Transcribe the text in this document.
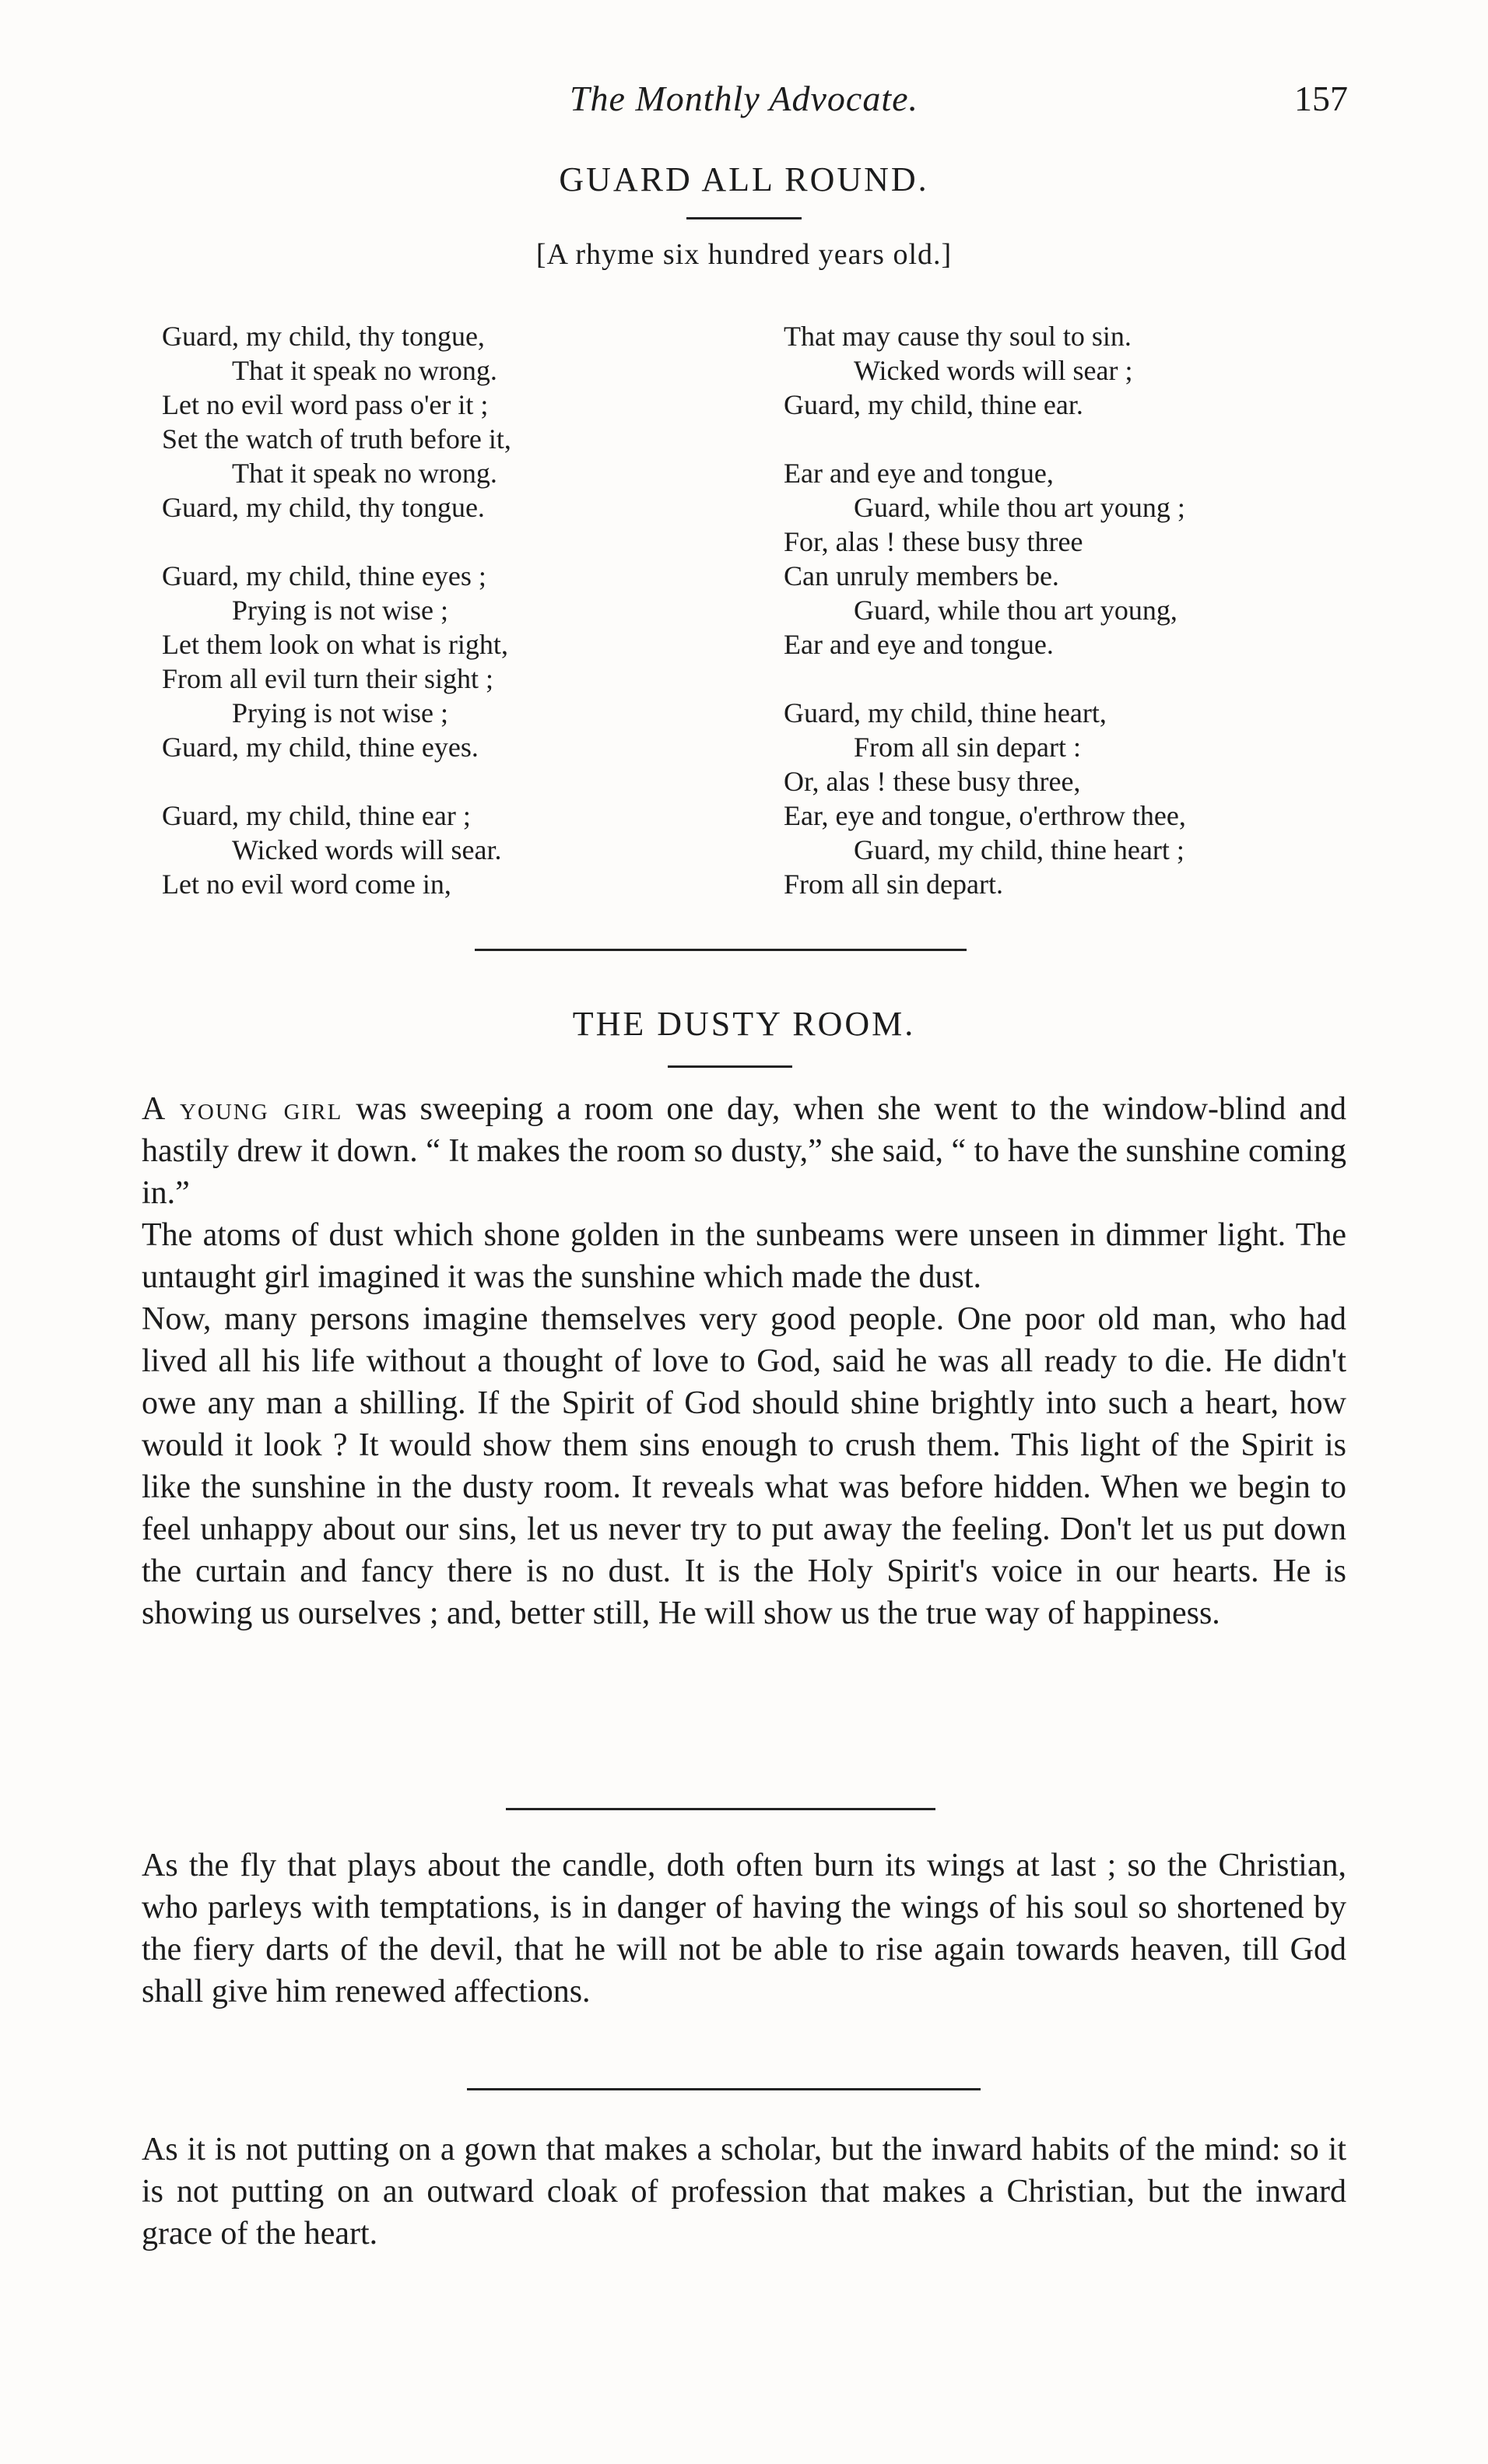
The Monthly Advocate.	157
GUARD ALL ROUND.
[A rhyme six hundred years old.]
Guard, my child, thy tongue,
That it speak no wrong.
Let no evil word pass o'er it ;
Set the watch of truth before it,
That it speak no wrong.
Guard, my child, thy tongue.
Guard, my child, thine eyes ;
Prying is not wise ;
Let them look on what is right,
From all evil turn their sight ;
Prying is not wise ;
Guard, my child, thine eyes.
Guard, my child, thine ear ;
Wicked words will sear.
Let no evil word come in,
That may cause thy soul to sin.
Wicked words will sear ;
Guard, my child, thine ear.
Ear and eye and tongue,
Guard, while thou art young ;
For, alas ! these busy three
Can unruly members be.
Guard, while thou art young,
Ear and eye and tongue.
Guard, my child, thine heart,
From all sin depart :
Or, alas ! these busy three,
Ear, eye and tongue, o'erthrow thee,
Guard, my child, thine heart ;
From all sin depart.
THE DUSTY ROOM.

A young girl was sweeping a room one day, when she went to the window-blind and hastily drew it down. “ It makes the room so dusty,” she said, “ to have the sunshine coming in.”

The atoms of dust which shone golden in the sunbeams were unseen in dimmer light. The untaught girl imagined it was the sunshine which made the dust.

Now, many persons imagine themselves very good people. One poor old man, who had lived all his life without a thought of love to God, said he was all ready to die. He didn't owe any man a shilling. If the Spirit of God should shine brightly into such a heart, how would it look ? It would show them sins enough to crush them. This light of the Spirit is like the sunshine in the dusty room. It reveals what was before hidden. When we begin to feel unhappy about our sins, let us never try to put away the feeling. Don't let us put down the curtain and fancy there is no dust. It is the Holy Spirit's voice in our hearts. He is showing us ourselves ; and, better still, He will show us the true way of happiness.

As the fly that plays about the candle, doth often burn its wings at last ; so the Christian, who parleys with temptations, is in danger of having the wings of his soul so shortened by the fiery darts of the devil, that he will not be able to rise again towards heaven, till God shall give him renewed affections.

As it is not putting on a gown that makes a scholar, but the inward habits of the mind: so it is not putting on an outward cloak of profession that makes a Christian, but the inward grace of the heart.
